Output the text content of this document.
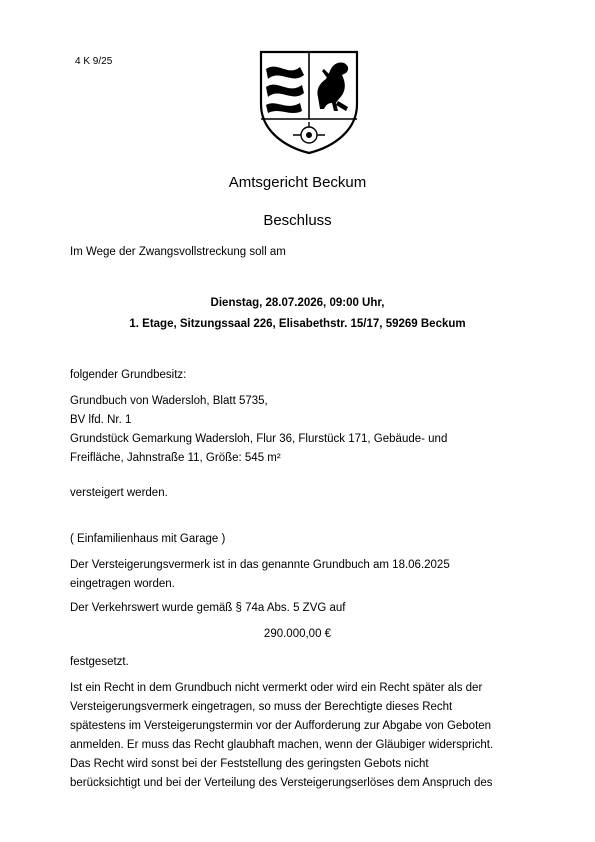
4 K 9/25
Amtsgericht Beckum
Beschluss
Im Wege der Zwangsvollstreckung soll am
Dienstag, 28.07.2026, 09:00 Uhr,
1. Etage, Sitzungssaal 226, Elisabethstr. 15/17, 59269 Beckum
folgender Grundbesitz:
Grundbuch von Wadersloh, Blatt 5735,
BV lfd. Nr. 1
Grundstück Gemarkung Wadersloh, Flur 36, Flurstück 171, Gebäude- und
Freifläche, Jahnstraße 11, Größe: 545 m²
versteigert werden.
( Einfamilienhaus mit Garage )
Der Versteigerungsvermerk ist in das genannte Grundbuch am 18.06.2025
eingetragen worden.
Der Verkehrswert wurde gemäß § 74a Abs. 5 ZVG auf
290.000,00 €
festgesetzt.
Ist ein Recht in dem Grundbuch nicht vermerkt oder wird ein Recht später als der
Versteigerungsvermerk eingetragen, so muss der Berechtigte dieses Recht
spätestens im Versteigerungstermin vor der Aufforderung zur Abgabe von Geboten
anmelden. Er muss das Recht glaubhaft machen, wenn der Gläubiger widerspricht.
Das Recht wird sonst bei der Feststellung des geringsten Gebots nicht
berücksichtigt und bei der Verteilung des Versteigerungserlöses dem Anspruch des
